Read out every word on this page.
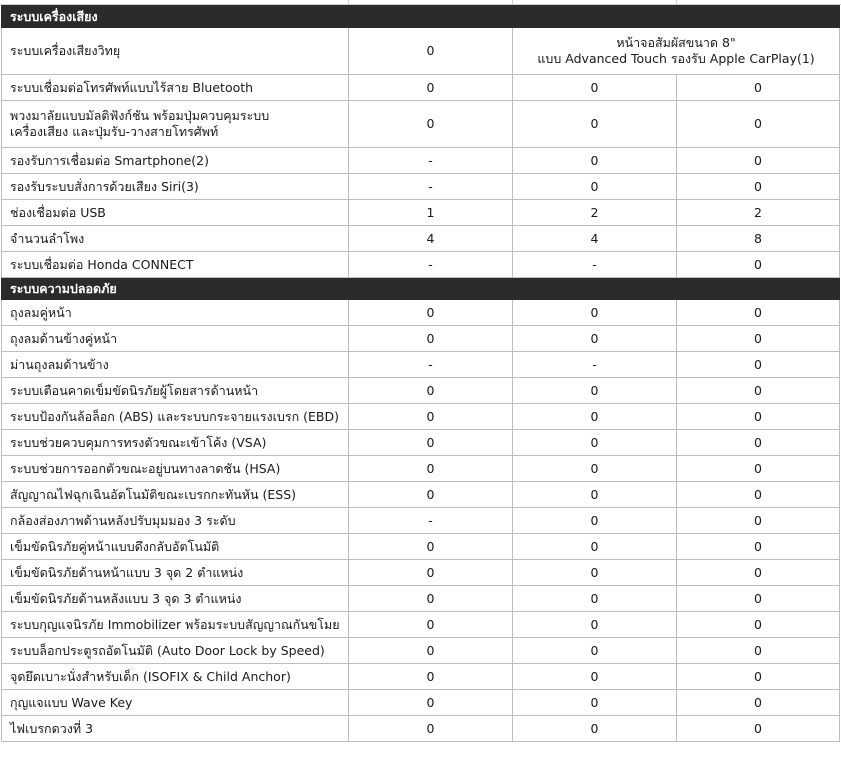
ระบบเครื่องเสียง			
ระบบเครื่องเสียงวิทยุ	0	หน้าจอสัมผัสขนาด 8"
แบบ Advanced Touch รองรับ Apple CarPlay(1)	

ระบบเชื่อมต่อโทรศัพท์แบบไร้สาย Bluetooth	0	0	0

พวงมาลัยแบบมัลติฟังก์ชัน พร้อมปุ่มควบคุมระบบ
เครื่องเสียง และปุ่มรับ-วางสายโทรศัพท์	0	0	0
รองรับการเชื่อมต่อ Smartphone(2)	-	0	0
รองรับระบบสั่งการด้วยเสียง Siri(3)	-	0	0
ช่องเชื่อมต่อ USB	1	2	2
จำนวนลำโพง	4	4	8
ระบบเชื่อมต่อ Honda CONNECT	-	-	0
ระบบความปลอดภัย			
ถุงลมคู่หน้า	0	0	0
ถุงลมด้านข้างคู่หน้า	0	0	0
ม่านถุงลมด้านข้าง	-	-	0
ระบบเตือนคาดเข็มขัดนิรภัยผู้โดยสารด้านหน้า	0	0	0
ระบบป้องกันล้อล็อก (ABS) และระบบกระจายแรงเบรก (EBD)	0	0	0
ระบบช่วยควบคุมการทรงตัวขณะเข้าโค้ง (VSA)	0	0	0
ระบบช่วยการออกตัวขณะอยู่บนทางลาดชัน (HSA)	0	0	0
สัญญาณไฟฉุกเฉินอัตโนมัติขณะเบรกกะทันหัน (ESS)	0	0	0
กล้องส่องภาพด้านหลังปรับมุมมอง 3 ระดับ	-	0	0
เข็มขัดนิรภัยคู่หน้าแบบดึงกลับอัตโนมัติ	0	0	0
เข็มขัดนิรภัยด้านหน้าแบบ 3 จุด 2 ตำแหน่ง	0	0	0
เข็มขัดนิรภัยด้านหลังแบบ 3 จุด 3 ตำแหน่ง	0	0	0
ระบบกุญแจนิรภัย Immobilizer พร้อมระบบสัญญาณกันขโมย	0	0	0
ระบบล็อกประตูรถอัตโนมัติ (Auto Door Lock by Speed)	0	0	0
จุดยึดเบาะนั่งสำหรับเด็ก (ISOFIX & Child Anchor)	0	0	0
กุญแจแบบ Wave Key	0	0	0
ไฟเบรกดวงที่ 3	0	0	0
